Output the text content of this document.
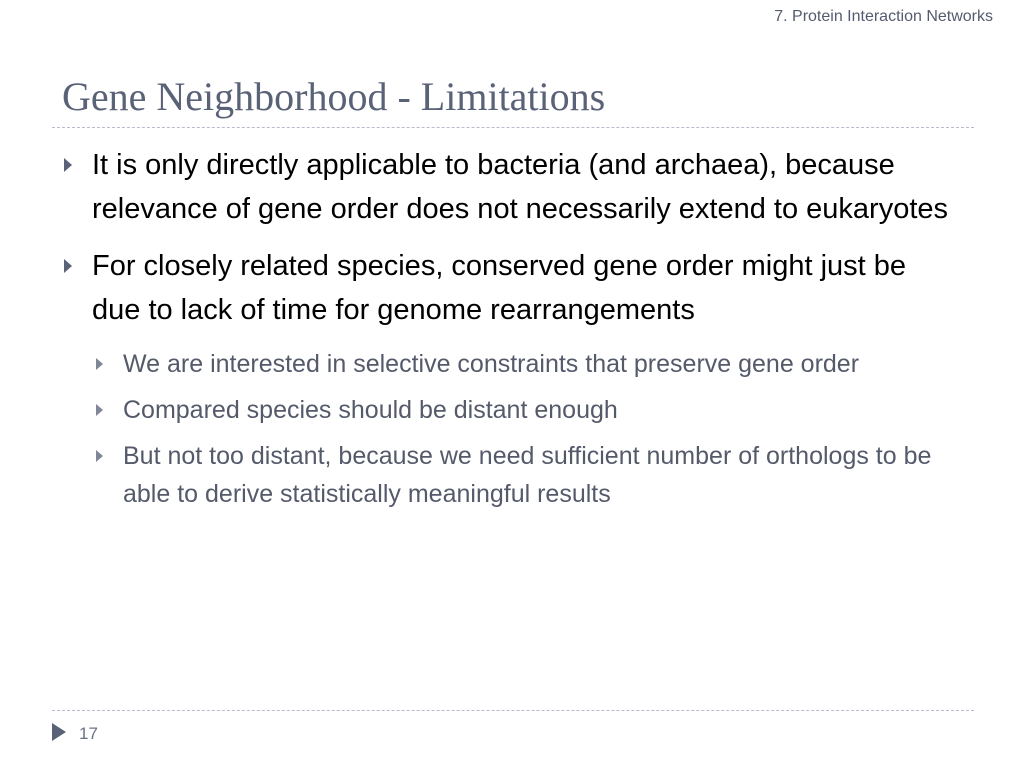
7. Protein Interaction Networks
Gene Neighborhood - Limitations
It is only directly applicable to bacteria (and archaea), because relevance of gene order does not necessarily extend to eukaryotes
For closely related species, conserved gene order might just be due to lack of time for genome rearrangements
We are interested in selective constraints that preserve gene order
Compared species should be distant enough
But not too distant, because we need sufficient number of orthologs to be able to derive statistically meaningful results
17
